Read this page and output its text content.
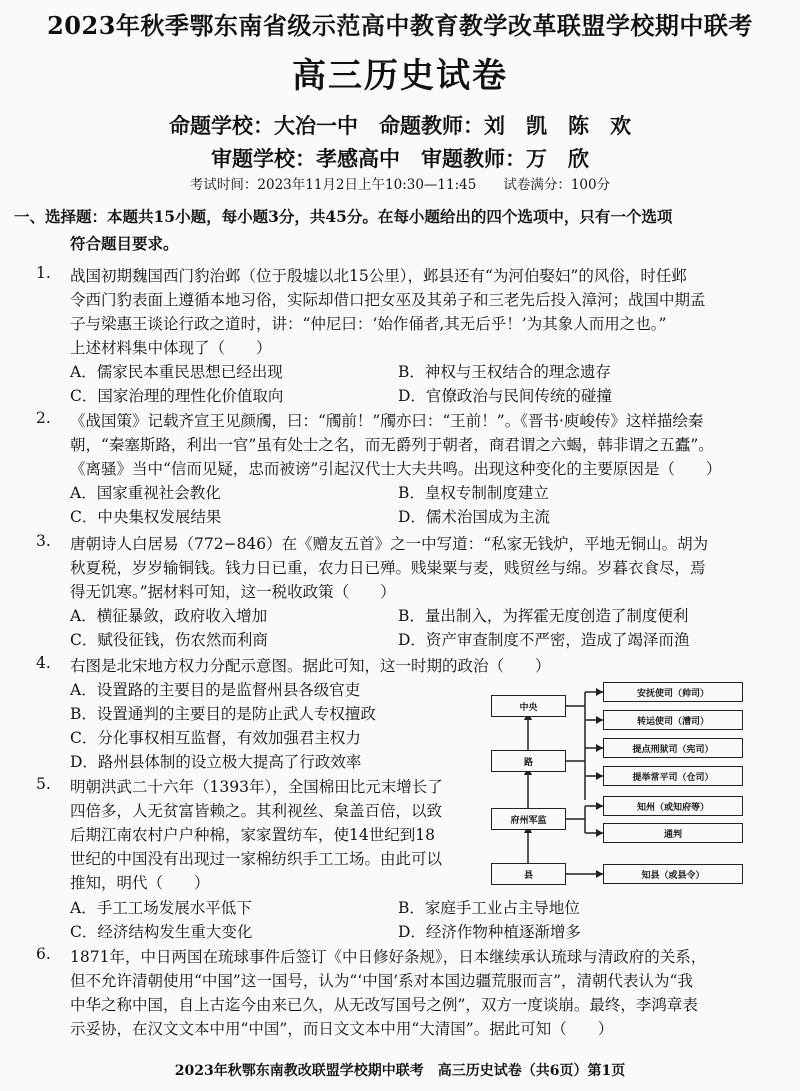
2023年秋季鄂东南省级示范高中教育教学改革联盟学校期中联考
高三历史试卷
命题学校：大冶一中　命题教师：刘　凯　陈　欢
审题学校：孝感高中　审题教师：万　欣
考试时间：2023年11月2日上午10:30—11:45　　试卷满分：100分
一、选择题：本题共15小题，每小题3分，共45分。在每小题给出的四个选项中，只有一个选项
符合题目要求。
1. 战国初期魏国西门豹治邺（位于殷墟以北15公里），邺县还有“为河伯娶妇”的风俗，时任邺
令西门豹表面上遵循本地习俗，实际却借口把女巫及其弟子和三老先后投入漳河；战国中期孟
子与梁惠王谈论行政之道时，讲：“仲尼曰：‘始作俑者,其无后乎！’为其象人而用之也。”
上述材料集中体现了（　　）
A．儒家民本重民思想已经出现	B．神权与王权结合的理念遗存
C．国家治理的理性化价值取向	D．官僚政治与民间传统的碰撞
2. 《战国策》记载齐宣王见颜斶，曰：“斶前！”斶亦曰：“王前！”。《晋书·庾峻传》这样描绘秦
朝，“秦塞斯路，利出一官”虽有处士之名，而无爵列于朝者，商君谓之六蝎，韩非谓之五蠹”。
《离骚》当中“信而见疑，忠而被谤”引起汉代士大夫共鸣。出现这种变化的主要原因是（　　）
A．国家重视社会教化	B．皇权专制制度建立
C．中央集权发展结果	D．儒术治国成为主流
3. 唐朝诗人白居易（772−846）在《赠友五首》之一中写道：“私家无钱炉，平地无铜山。胡为
秋夏税，岁岁输铜钱。钱力日已重，农力日已殚。贱粜粟与麦，贱贸丝与绵。岁暮衣食尽，焉
得无饥寒。”据材料可知，这一税收政策（　　）
A．横征暴敛，政府收入增加	B．量出制入，为挥霍无度创造了制度便利
C．赋役征钱，伤农然而利商	D．资产审查制度不严密，造成了竭泽而渔
4. 右图是北宋地方权力分配示意图。据此可知，这一时期的政治（　　）
A．设置路的主要目的是监督州县各级官吏
B．设置通判的主要目的是防止武人专权擅政
C．分化事权相互监督，有效加强君主权力
D．路州县体制的设立极大提高了行政效率
5. 明朝洪武二十六年（1393年），全国棉田比元末增长了
四倍多，人无贫富皆赖之。其利视丝、枲盖百倍，以致
后期江南农村户户种棉，家家置纺车，使14世纪到18
世纪的中国没有出现过一家棉纺织手工工场。由此可以
推知，明代（　　）
A．手工工场发展水平低下	B．家庭手工业占主导地位
C．经济结构发生重大变化	D．经济作物种植逐渐增多
6. 1871年，中日两国在琉球事件后签订《中日修好条规》，日本继续承认琉球与清政府的关系，
但不允许清朝使用“中国”这一国号，认为“‘中国’系对本国边疆荒服而言”，清朝代表认为“我
中华之称中国，自上古迄今由来已久，从无改写国号之例”，双方一度谈崩。最终，李鸿章表
示妥协，在汉文文本中用“中国”，而日文文本中用“大清国”。据此可知（　　）
中央
路
府州军监
县
安抚使司（帅司）
转运使司（漕司）
提点刑狱司（宪司）
提举常平司（仓司）
知州（或知府等）
通判
知县（或县令）
2023年秋鄂东南教改联盟学校期中联考　高三历史试卷（共6页）第1页
